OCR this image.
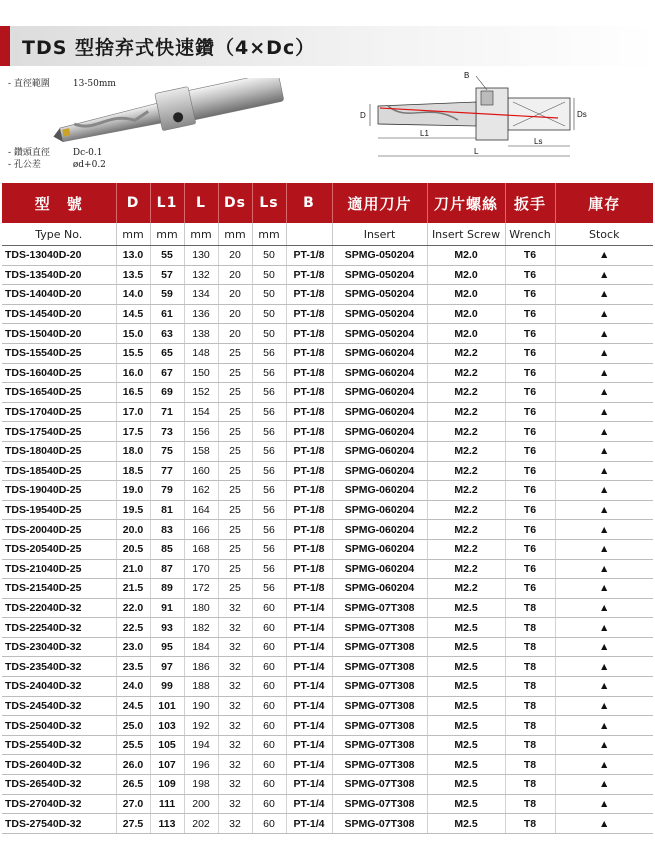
TDS 型捨弃式快速鑽（4×Dc）
- 直徑範圍	13-50mm
- 鑽頭直徑	Dc-0.1
- 孔公差	ød+0.2
D	Ds
B
L1
Ls
L
型　號	D	L1	L	Ds	Ls	B	適用刀片	刀片螺絲	扳手	庫存
Type No.	mm	mm	mm	mm	mm		Insert	Insert Screw	Wrench	Stock
TDS-13040D-20	13.0	55	130	20	50	PT-1/8	SPMG-050204	M2.0	T6	▲
TDS-13540D-20	13.5	57	132	20	50	PT-1/8	SPMG-050204	M2.0	T6	▲
TDS-14040D-20	14.0	59	134	20	50	PT-1/8	SPMG-050204	M2.0	T6	▲
TDS-14540D-20	14.5	61	136	20	50	PT-1/8	SPMG-050204	M2.0	T6	▲
TDS-15040D-20	15.0	63	138	20	50	PT-1/8	SPMG-050204	M2.0	T6	▲
TDS-15540D-25	15.5	65	148	25	56	PT-1/8	SPMG-060204	M2.2	T6	▲
TDS-16040D-25	16.0	67	150	25	56	PT-1/8	SPMG-060204	M2.2	T6	▲
TDS-16540D-25	16.5	69	152	25	56	PT-1/8	SPMG-060204	M2.2	T6	▲
TDS-17040D-25	17.0	71	154	25	56	PT-1/8	SPMG-060204	M2.2	T6	▲
TDS-17540D-25	17.5	73	156	25	56	PT-1/8	SPMG-060204	M2.2	T6	▲
TDS-18040D-25	18.0	75	158	25	56	PT-1/8	SPMG-060204	M2.2	T6	▲
TDS-18540D-25	18.5	77	160	25	56	PT-1/8	SPMG-060204	M2.2	T6	▲
TDS-19040D-25	19.0	79	162	25	56	PT-1/8	SPMG-060204	M2.2	T6	▲
TDS-19540D-25	19.5	81	164	25	56	PT-1/8	SPMG-060204	M2.2	T6	▲
TDS-20040D-25	20.0	83	166	25	56	PT-1/8	SPMG-060204	M2.2	T6	▲
TDS-20540D-25	20.5	85	168	25	56	PT-1/8	SPMG-060204	M2.2	T6	▲
TDS-21040D-25	21.0	87	170	25	56	PT-1/8	SPMG-060204	M2.2	T6	▲
TDS-21540D-25	21.5	89	172	25	56	PT-1/8	SPMG-060204	M2.2	T6	▲
TDS-22040D-32	22.0	91	180	32	60	PT-1/4	SPMG-07T308	M2.5	T8	▲
TDS-22540D-32	22.5	93	182	32	60	PT-1/4	SPMG-07T308	M2.5	T8	▲
TDS-23040D-32	23.0	95	184	32	60	PT-1/4	SPMG-07T308	M2.5	T8	▲
TDS-23540D-32	23.5	97	186	32	60	PT-1/4	SPMG-07T308	M2.5	T8	▲
TDS-24040D-32	24.0	99	188	32	60	PT-1/4	SPMG-07T308	M2.5	T8	▲
TDS-24540D-32	24.5	101	190	32	60	PT-1/4	SPMG-07T308	M2.5	T8	▲
TDS-25040D-32	25.0	103	192	32	60	PT-1/4	SPMG-07T308	M2.5	T8	▲
TDS-25540D-32	25.5	105	194	32	60	PT-1/4	SPMG-07T308	M2.5	T8	▲
TDS-26040D-32	26.0	107	196	32	60	PT-1/4	SPMG-07T308	M2.5	T8	▲
TDS-26540D-32	26.5	109	198	32	60	PT-1/4	SPMG-07T308	M2.5	T8	▲
TDS-27040D-32	27.0	111	200	32	60	PT-1/4	SPMG-07T308	M2.5	T8	▲
TDS-27540D-32	27.5	113	202	32	60	PT-1/4	SPMG-07T308	M2.5	T8	▲
